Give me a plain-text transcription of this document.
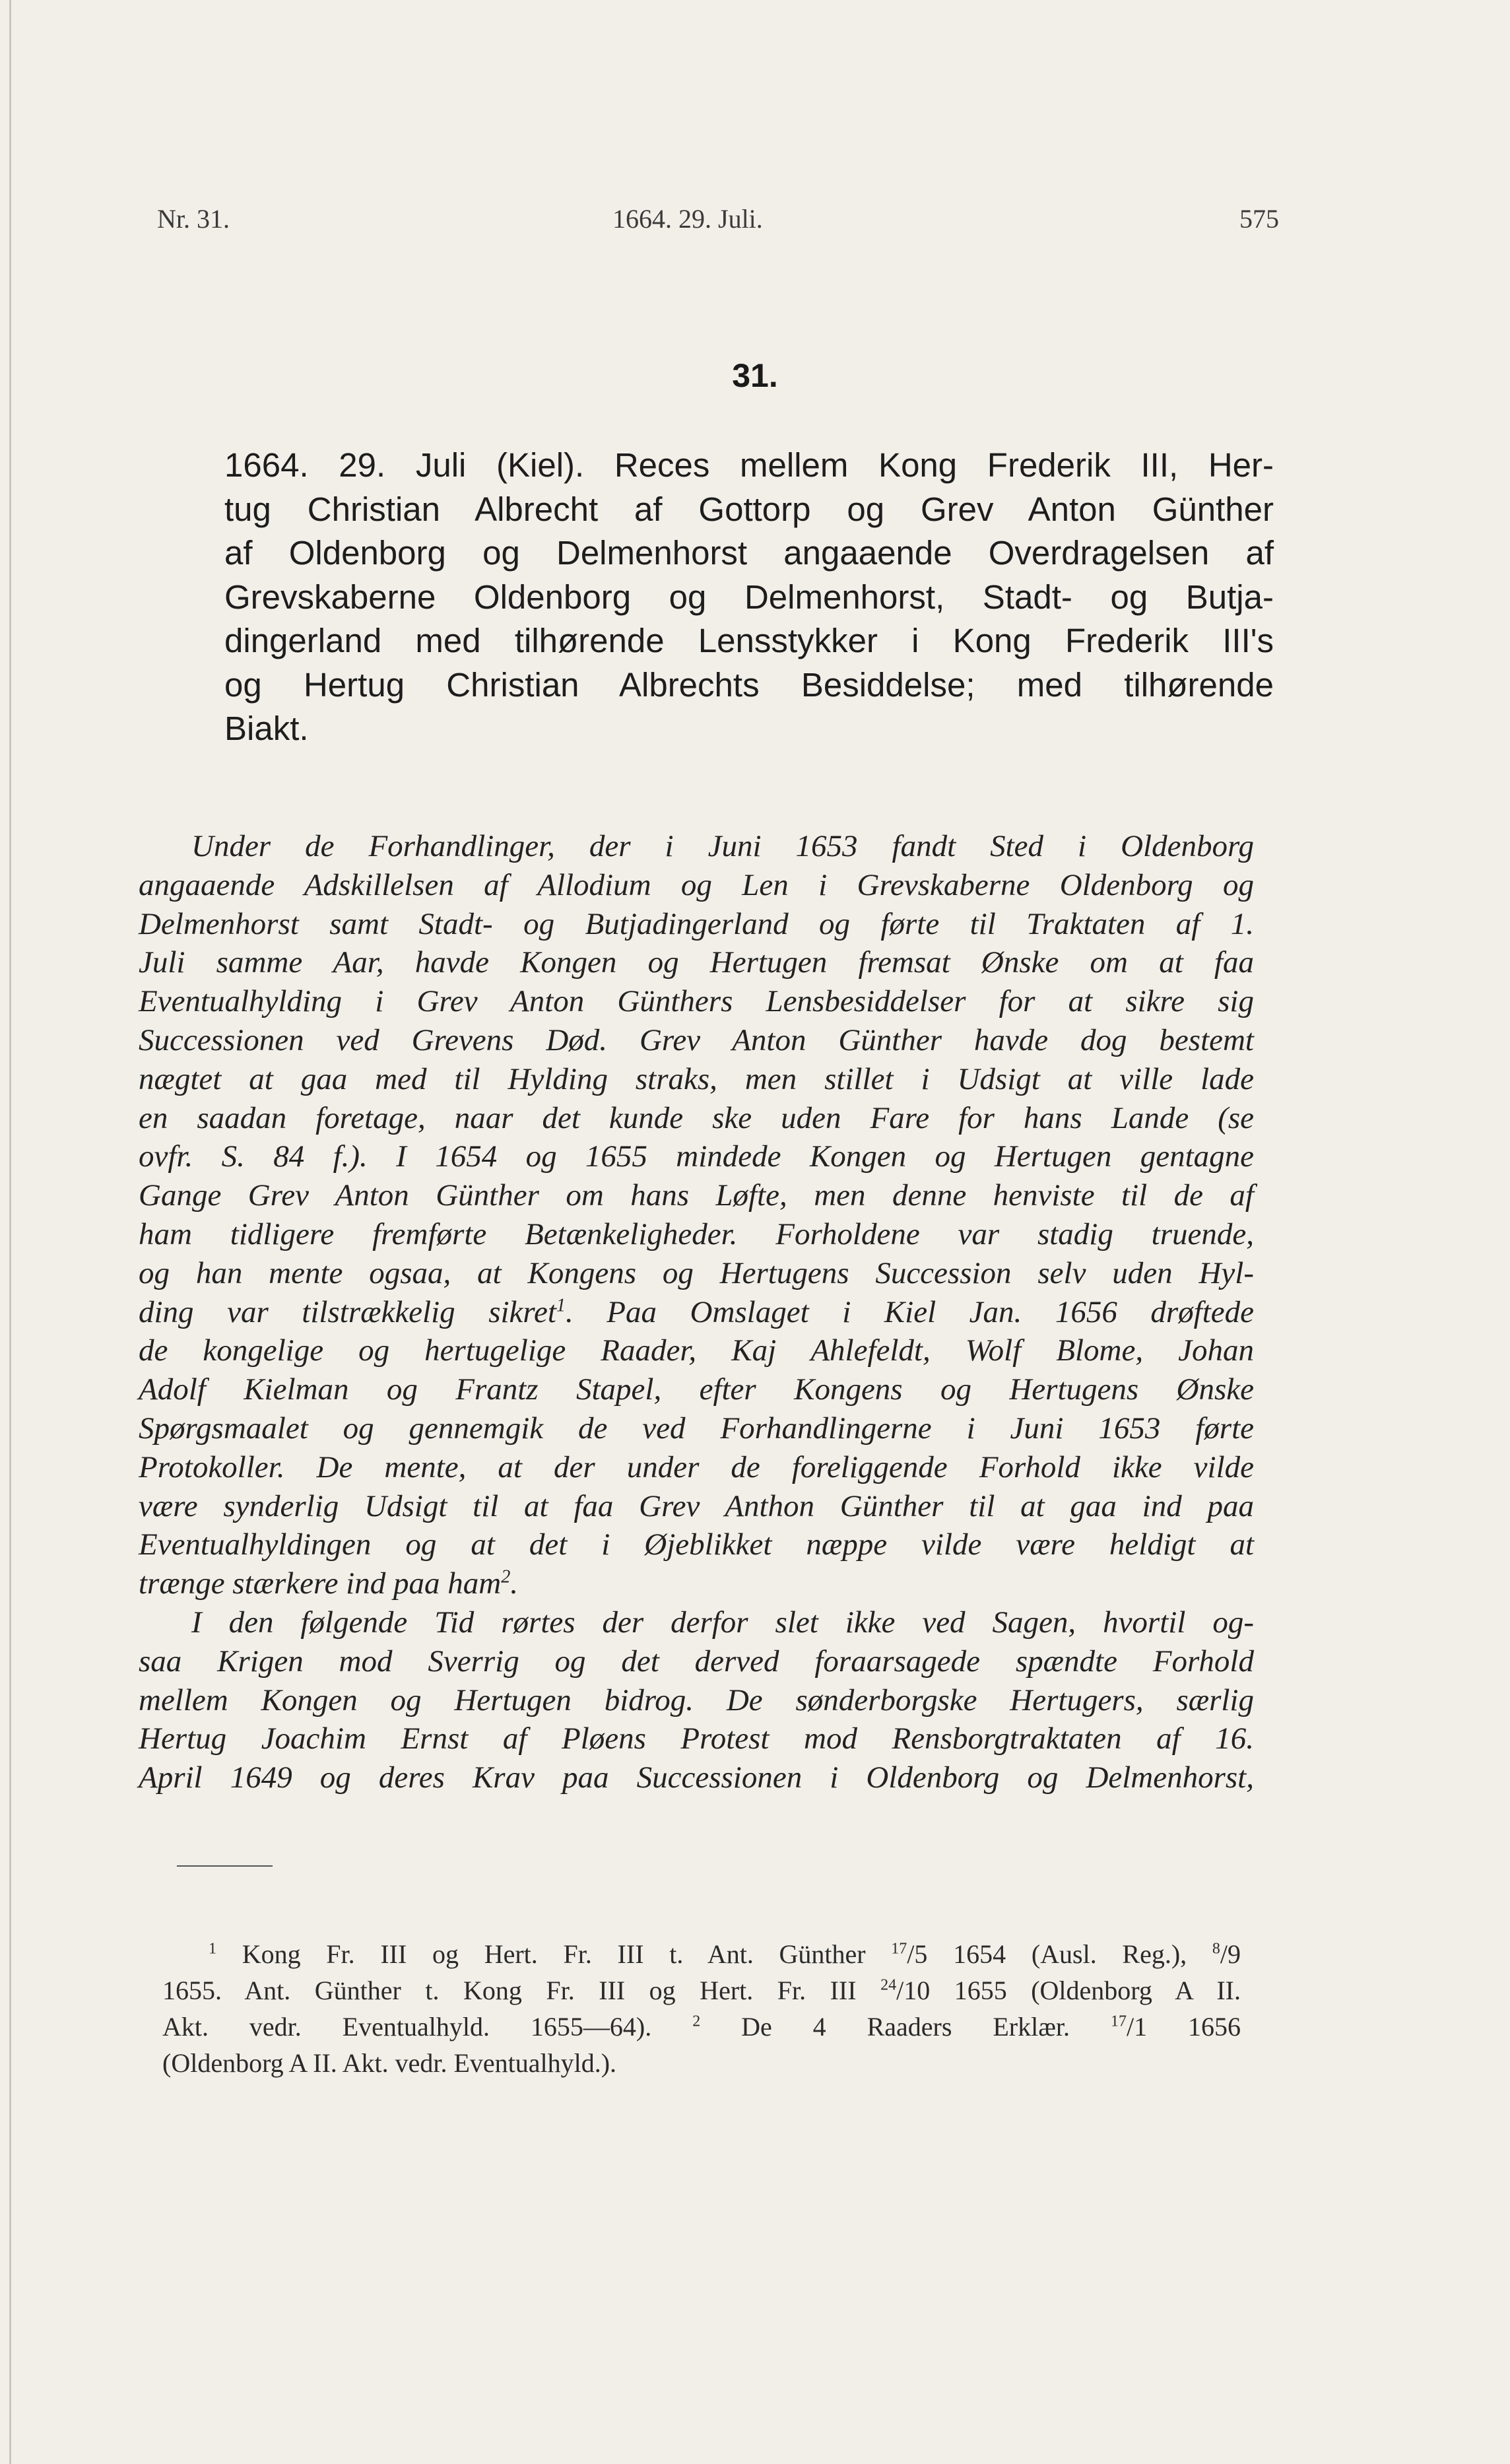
Nr. 31.	1664. 29. Juli.	575
31.
1664. 29. Juli (Kiel). Reces mellem Kong Frederik III, Her-
tug Christian Albrecht af Gottorp og Grev Anton Günther
af Oldenborg og Delmenhorst angaaende Overdragelsen af
Grevskaberne Oldenborg og Delmenhorst, Stadt- og Butja-
dingerland med tilhørende Lensstykker i Kong Frederik III's
og Hertug Christian Albrechts Besiddelse; med tilhørende
Biakt.
Under de Forhandlinger, der i Juni 1653 fandt Sted i Oldenborg
angaaende Adskillelsen af Allodium og Len i Grevskaberne Oldenborg og
Delmenhorst samt Stadt- og Butjadingerland og førte til Traktaten af 1.
Juli samme Aar, havde Kongen og Hertugen fremsat Ønske om at faa
Eventualhylding i Grev Anton Günthers Lensbesiddelser for at sikre sig
Successionen ved Grevens Død. Grev Anton Günther havde dog bestemt
nægtet at gaa med til Hylding straks, men stillet i Udsigt at ville lade
en saadan foretage, naar det kunde ske uden Fare for hans Lande (se
ovfr. S. 84 f.). I 1654 og 1655 mindede Kongen og Hertugen gentagne
Gange Grev Anton Günther om hans Løfte, men denne henviste til de af
ham tidligere fremførte Betænkeligheder. Forholdene var stadig truende,
og han mente ogsaa, at Kongens og Hertugens Succession selv uden Hyl-
ding var tilstrækkelig sikret$^1$. Paa Omslaget i Kiel Jan. 1656 drøftede
de kongelige og hertugelige Raader, Kaj Ahlefeldt, Wolf Blome, Johan
Adolf Kielman og Frantz Stapel, efter Kongens og Hertugens Ønske
Spørgsmaalet og gennemgik de ved Forhandlingerne i Juni 1653 førte
Protokoller. De mente, at der under de foreliggende Forhold ikke vilde
være synderlig Udsigt til at faa Grev Anthon Günther til at gaa ind paa
Eventualhyldingen og at det i Øjeblikket næppe vilde være heldigt at
trænge stærkere ind paa ham$^2$.
I den følgende Tid rørtes der derfor slet ikke ved Sagen, hvortil og-
saa Krigen mod Sverrig og det derved foraarsagede spændte Forhold
mellem Kongen og Hertugen bidrog. De sønderborgske Hertugers, særlig
Hertug Joachim Ernst af Pløens Protest mod Rensborgtraktaten af 16.
April 1649 og deres Krav paa Successionen i Oldenborg og Delmenhorst,
$^1$ Kong Fr. III og Hert. Fr. III t. Ant. Günther $^{17}$/5 1654 (Ausl. Reg.), $^8$/9
1655. Ant. Günther t. Kong Fr. III og Hert. Fr. III $^{24}$/10 1655 (Oldenborg A II.
Akt. vedr. Eventualhyld. 1655—64).	$^2$ De 4 Raaders Erklær. $^{17}$/1 1656
(Oldenborg A II. Akt. vedr. Eventualhyld.).
